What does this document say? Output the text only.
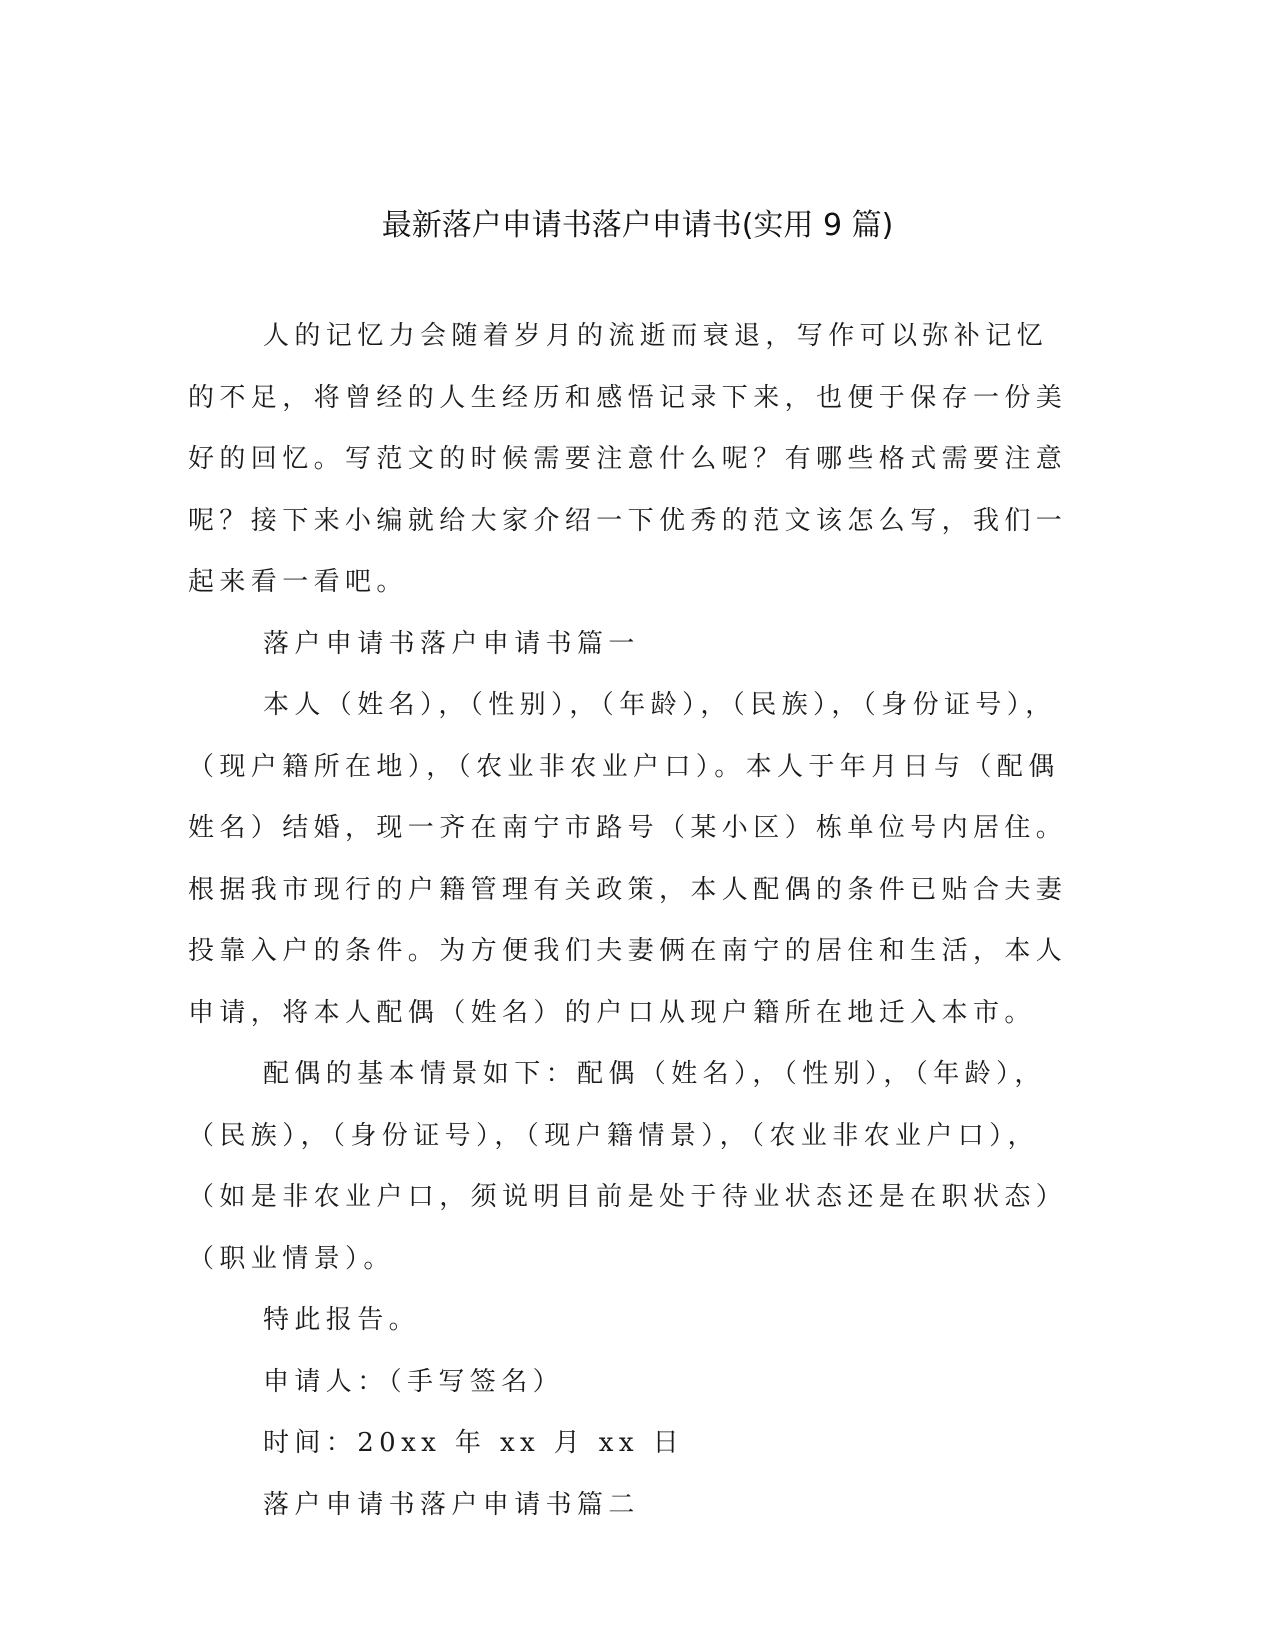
最新落户申请书落户申请书(实用 9 篇)

人的记忆力会随着岁月的流逝而衰退，写作可以弥补记忆的不足，将曾经的人生经历和感悟记录下来，也便于保存一份美好的回忆。写范文的时候需要注意什么呢？有哪些格式需要注意呢？接下来小编就给大家介绍一下优秀的范文该怎么写，我们一起来看一看吧。

落户申请书落户申请书篇一

本人（姓名），（性别），（年龄），（民族），（身份证号），（现户籍所在地），（农业非农业户口）。本人于年月日与（配偶姓名）结婚，现一齐在南宁市路号（某小区）栋单位号内居住。根据我市现行的户籍管理有关政策，本人配偶的条件已贴合夫妻投靠入户的条件。为方便我们夫妻俩在南宁的居住和生活，本人申请，将本人配偶（姓名）的户口从现户籍所在地迁入本市。

配偶的基本情景如下：配偶（姓名），（性别），（年龄），（民族），（身份证号），（现户籍情景），（农业非农业户口），（如是非农业户口，须说明目前是处于待业状态还是在职状态）（职业情景）。

特此报告。

申请人：（手写签名）

时间：20xx 年 xx 月 xx 日

落户申请书落户申请书篇二
